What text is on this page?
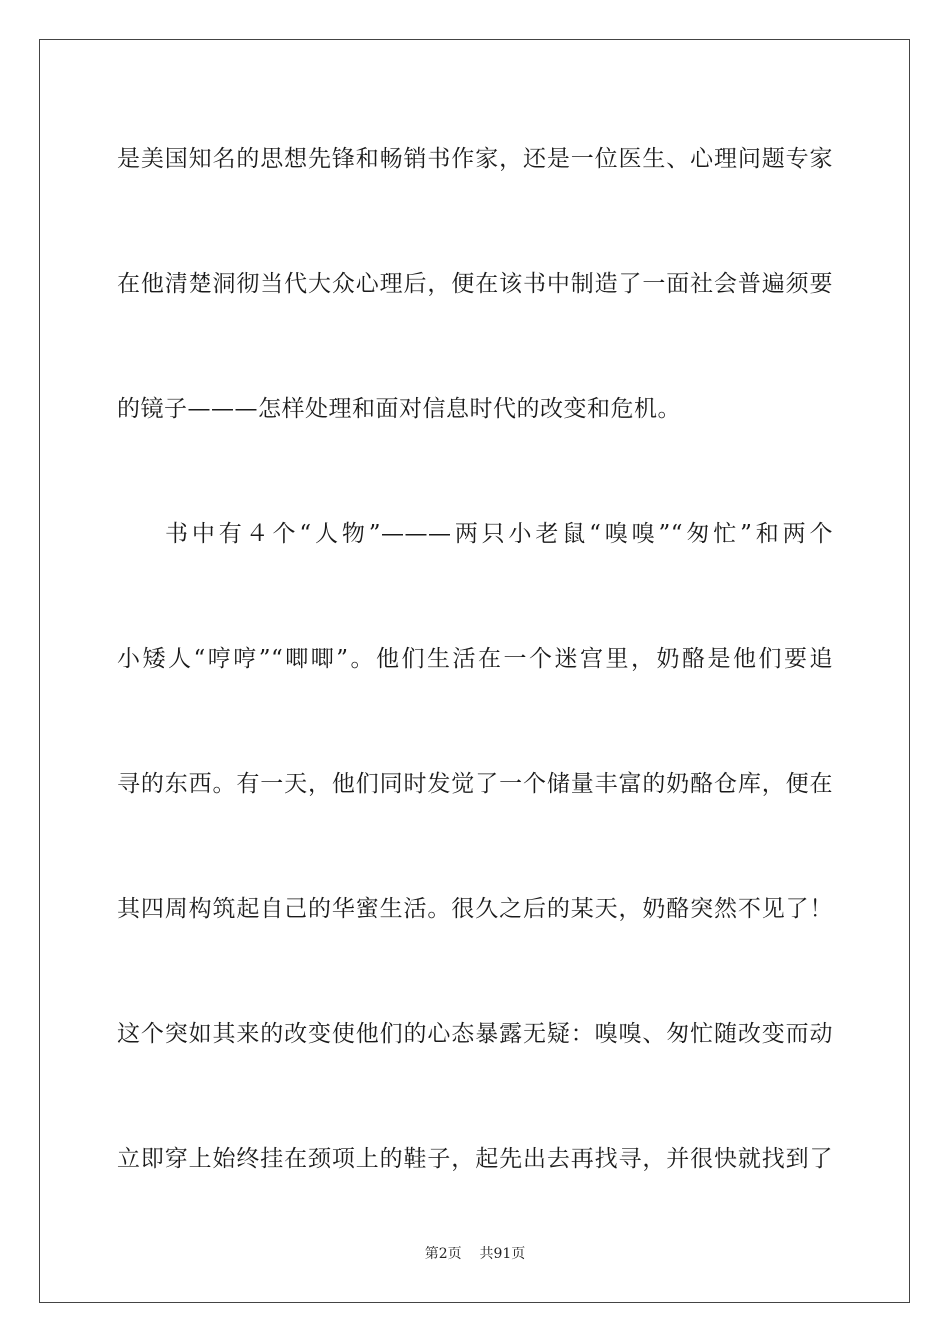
是美国知名的思想先锋和畅销书作家，还是一位医生、心理问题专家

在他清楚洞彻当代大众心理后，便在该书中制造了一面社会普遍须要

的镜子———怎样处理和面对信息时代的改变和危机。

书中有４个“人物”———两只小老鼠“嗅嗅”“匆忙”和两个

小矮人“哼哼”“唧唧”。他们生活在一个迷宫里，奶酪是他们要追

寻的东西。有一天，他们同时发觉了一个储量丰富的奶酪仓库，便在

其四周构筑起自己的华蜜生活。很久之后的某天，奶酪突然不见了！

这个突如其来的改变使他们的心态暴露无疑：嗅嗅、匆忙随改变而动

立即穿上始终挂在颈项上的鞋子，起先出去再找寻，并很快就找到了

第2页 共91页
